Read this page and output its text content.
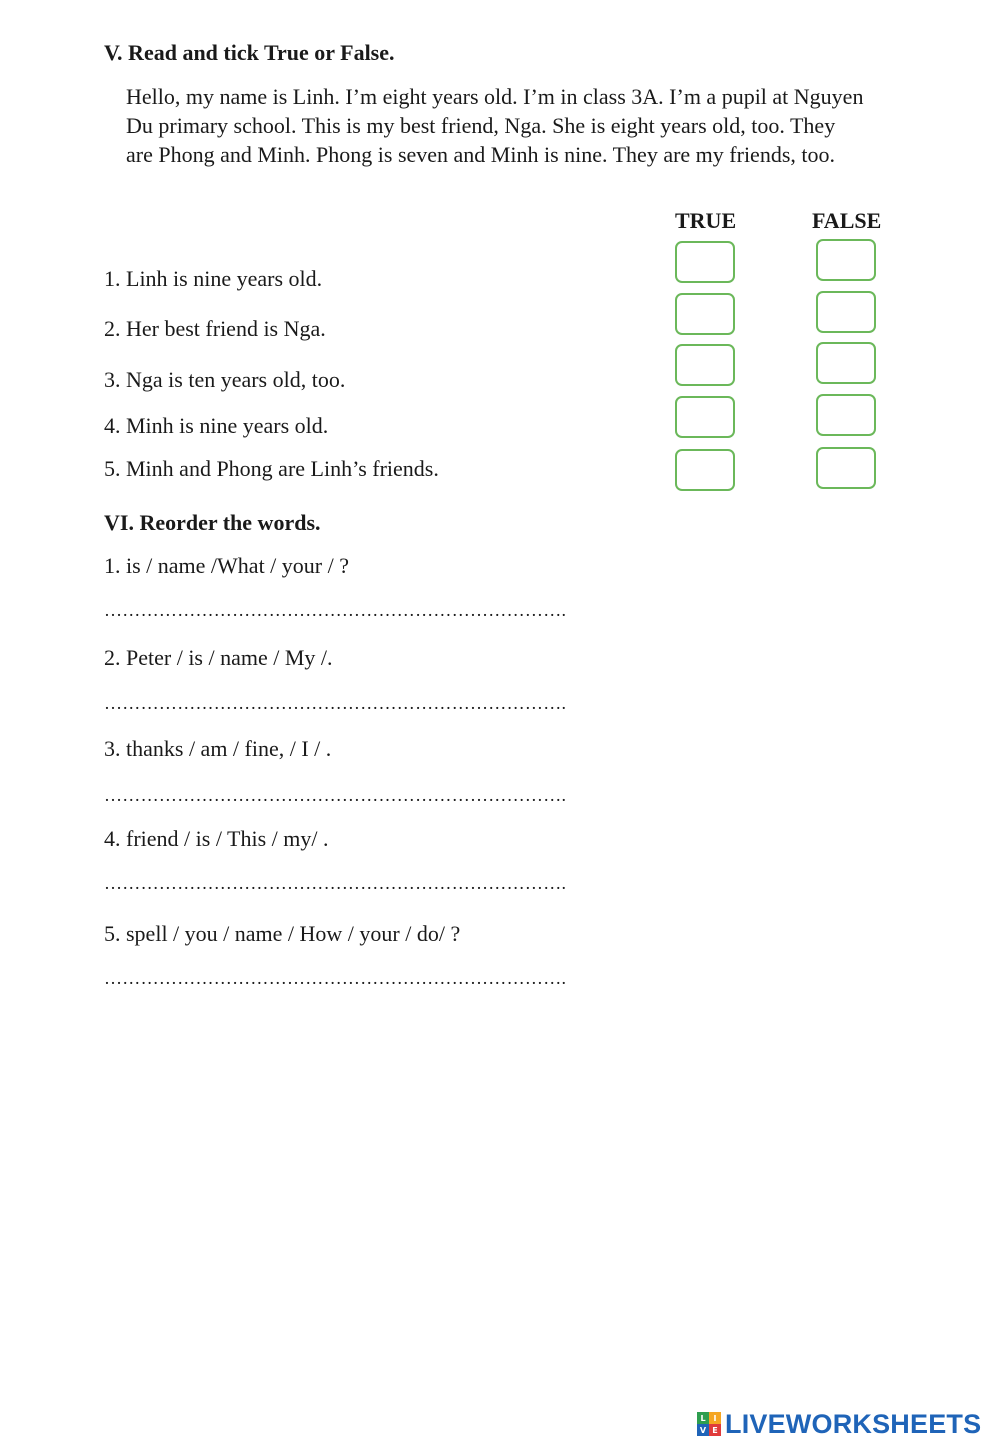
V. Read and tick True or False.
Hello, my name is Linh. I’m eight years old. I’m in class 3A. I’m a pupil at Nguyen Du primary school. This is my best friend, Nga. She is eight years old, too. They are Phong and Minh. Phong is seven and Minh is nine. They are my friends, too.
TRUE	FALSE
1. Linh is nine years old.
2. Her best friend is Nga.
3. Nga is ten years old, too.
4. Minh is nine years old.
5. Minh and Phong are Linh’s friends.
VI. Reorder the words.
1. is / name /What / your / ?
………………………………………………………………….
2. Peter / is / name / My /.
………………………………………………………………….
3. thanks / am / fine, / I / .
………………………………………………………………….
4. friend / is / This / my/ .
………………………………………………………………….
5. spell / you / name / How / your / do/ ?
………………………………………………………………….
L I
V E LIVEWORKSHEETS
